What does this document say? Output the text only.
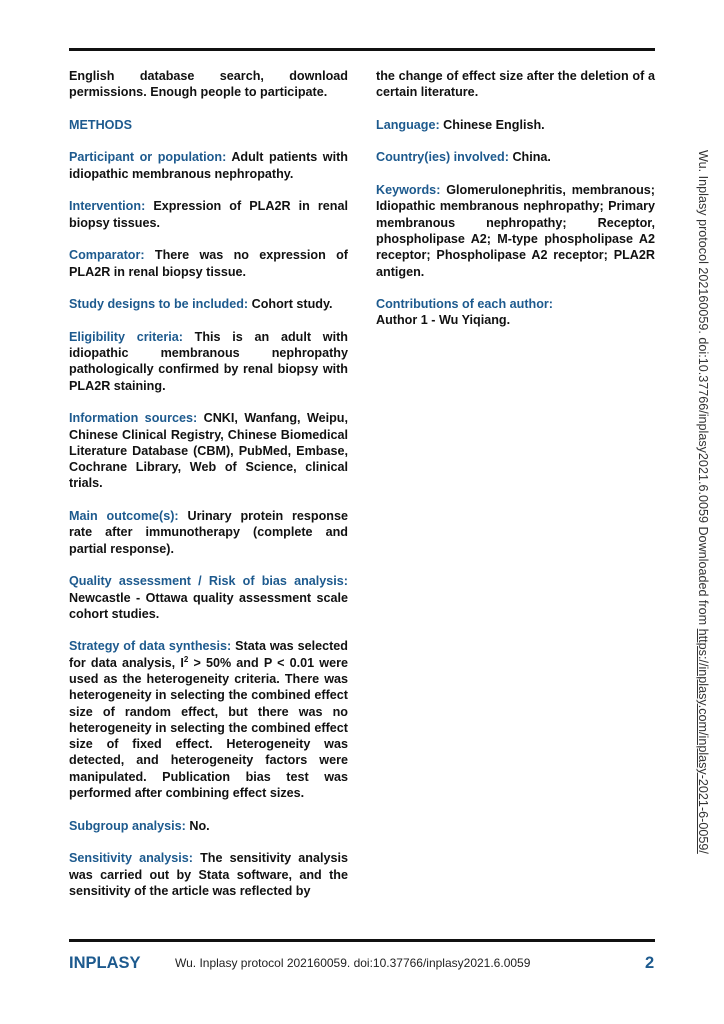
English database search, download permissions. Enough people to participate.

METHODS

Participant or population: Adult patients with idiopathic membranous nephropathy.

Intervention: Expression of PLA2R in renal biopsy tissues.

Comparator: There was no expression of PLA2R in renal biopsy tissue.

Study designs to be included: Cohort study.

Eligibility criteria: This is an adult with idiopathic membranous nephropathy pathologically confirmed by renal biopsy with PLA2R staining.

Information sources: CNKI, Wanfang, Weipu, Chinese Clinical Registry, Chinese Biomedical Literature Database (CBM), PubMed, Embase, Cochrane Library, Web of Science, clinical trials.

Main outcome(s): Urinary protein response rate after immunotherapy (complete and partial response).

Quality assessment / Risk of bias analysis: Newcastle - Ottawa quality assessment scale cohort studies.

Strategy of data synthesis: Stata was selected for data analysis, $I^2 > 50\%$ and P < 0.01 were used as the heterogeneity criteria. There was heterogeneity in selecting the combined effect size of random effect, but there was no heterogeneity in selecting the combined effect size of fixed effect. Heterogeneity was detected, and heterogeneity factors were manipulated. Publication bias test was performed after combining effect sizes.

Subgroup analysis: No.

Sensitivity analysis: The sensitivity analysis was carried out by Stata software, and the sensitivity of the article was reflected by

the change of effect size after the deletion of a certain literature.

Language: Chinese English.

Country(ies) involved: China.

Keywords: Glomerulonephritis, membranous; Idiopathic membranous nephropathy; Primary membranous nephropathy; Receptor, phospholipase A2; M-type phospholipase A2 receptor; Phospholipase A2 receptor; PLA2R antigen.

Contributions of each author:
Author 1 - Wu Yiqiang.

INPLASY	Wu. Inplasy protocol 202160059. doi:10.37766/inplasy2021.6.0059	2
Wu. Inplasy protocol 202160059. doi:10.37766/inplasy2021.6.0059 Downloaded from https://inplasy.com/inplasy-2021-6-0059/
